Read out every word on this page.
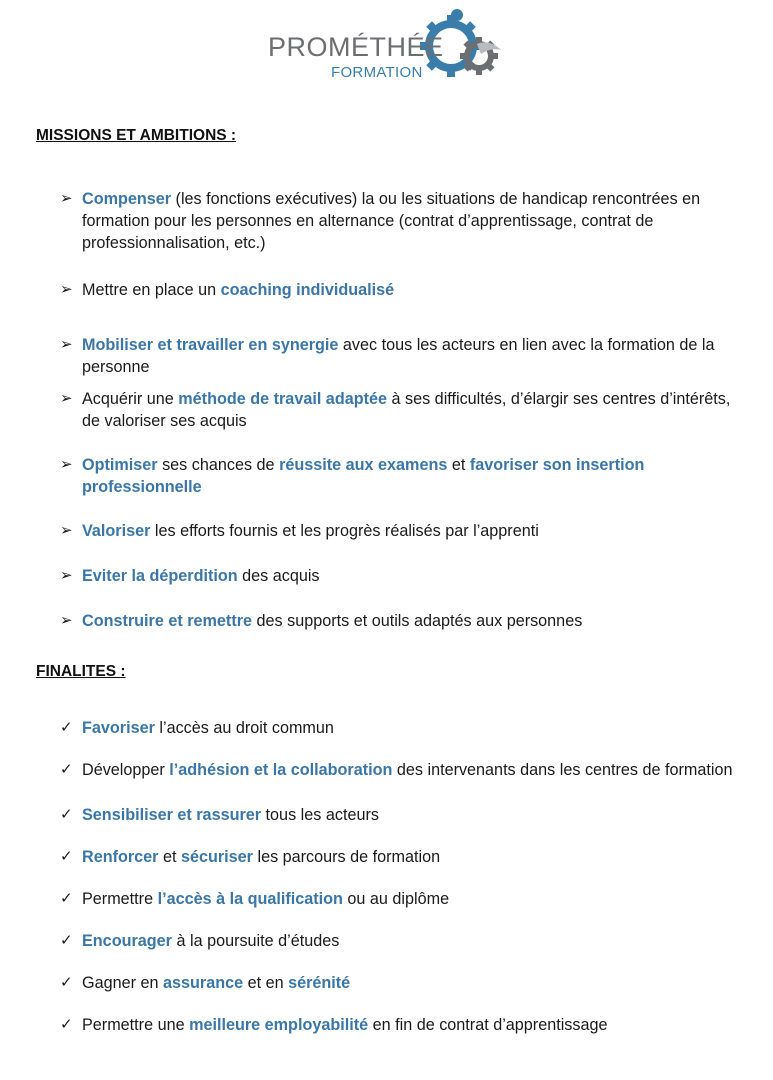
PROMÉTHÉE
FORMATION
MISSIONS ET AMBITIONS :
➢ Compenser (les fonctions exécutives) la ou les situations de handicap rencontrées en formation pour les personnes en alternance (contrat d’apprentissage, contrat de professionnalisation, etc.)
➢ Mettre en place un coaching individualisé
➢ Mobiliser et travailler en synergie avec tous les acteurs en lien avec la formation de la personne
➢ Acquérir une méthode de travail adaptée à ses difficultés, d’élargir ses centres d’intérêts, de valoriser ses acquis
➢ Optimiser ses chances de réussite aux examens et favoriser son insertion professionnelle
➢ Valoriser les efforts fournis et les progrès réalisés par l’apprenti
➢ Eviter la déperdition des acquis
➢ Construire et remettre des supports et outils adaptés aux personnes
FINALITES :
✓ Favoriser l’accès au droit commun
✓ Développer l’adhésion et la collaboration des intervenants dans les centres de formation
✓ Sensibiliser et rassurer tous les acteurs
✓ Renforcer et sécuriser les parcours de formation
✓ Permettre l’accès à la qualification ou au diplôme
✓ Encourager à la poursuite d’études
✓ Gagner en assurance et en sérénité
✓ Permettre une meilleure employabilité en fin de contrat d’apprentissage
